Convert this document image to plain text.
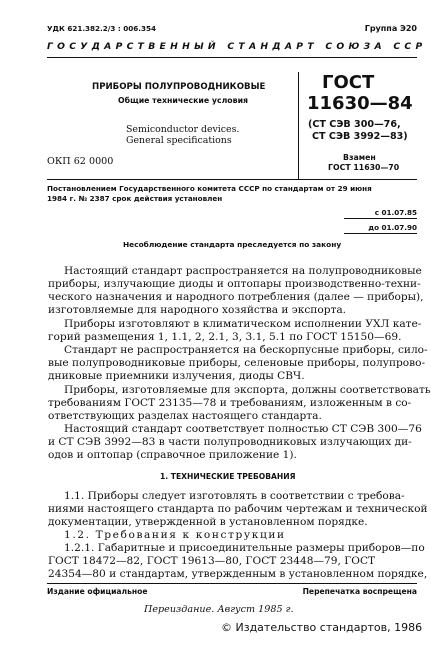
УДК 621.382.2/3 : 006.354	Группа Э20
ГОСУДАРСТВЕННЫЙ СТАНДАРТ СОЮЗА ССР
ПРИБОРЫ ПОЛУПРОВОДНИКОВЫЕ
Общие технические условия
Semiconductor devices.
General specifications
ОКП 62 0000
ГОСТ
11630—84
(СТ СЭВ 300—76,
СТ СЭВ 3992—83)
Взамен
ГОСТ 11630—70
Постановлением Государственного комитета СССР по стандартам от 29 июня
1984 г. № 2387 срок действия установлен
с 01.07.85
до 01.07.90
Несоблюдение стандарта преследуется по закону
Настоящий стандарт распространяется на полупроводниковые
приборы, излучающие диоды и оптопары производственно-техни-
ческого назначения и народного потребления (далее — приборы),
изготовляемые для народного хозяйства и экспорта.
Приборы изготовляют в климатическом исполнении УХЛ кате-
горий размещения 1, 1.1, 2, 2.1, 3, 3.1, 5.1 по ГОСТ 15150—69.
Стандарт не распространяется на бескорпусные приборы, сило-
вые полупроводниковые приборы, селеновые приборы, полупрово-
дниковые приемники излучения, диоды СВЧ.
Приборы, изготовляемые для экспорта, должны соответствовать
требованиям ГОСТ 23135—78 и требованиям, изложенным в со-
ответствующих разделах настоящего стандарта.
Настоящий стандарт соответствует полностью СТ СЭВ 300—76
и СТ СЭВ 3992—83 в части полупроводниковых излучающих ди-
одов и оптопар (справочное приложение 1).
1. ТЕХНИЧЕСКИЕ ТРЕБОВАНИЯ
1.1. Приборы следует изготовлять в соответствии с требова-
ниями настоящего стандарта по рабочим чертежам и технической
документации, утвержденной в установленном порядке.
1.2. Требования к конструкции
1.2.1. Габаритные и присоединительные размеры приборов—по
ГОСТ 18472—82, ГОСТ 19613—80, ГОСТ 23448—79, ГОСТ
24354—80 и стандартам, утвержденным в установленном порядке,
Издание официальное	Перепечатка воспрещена
Переиздание. Август 1985 г.
© Издательство стандартов, 1986
